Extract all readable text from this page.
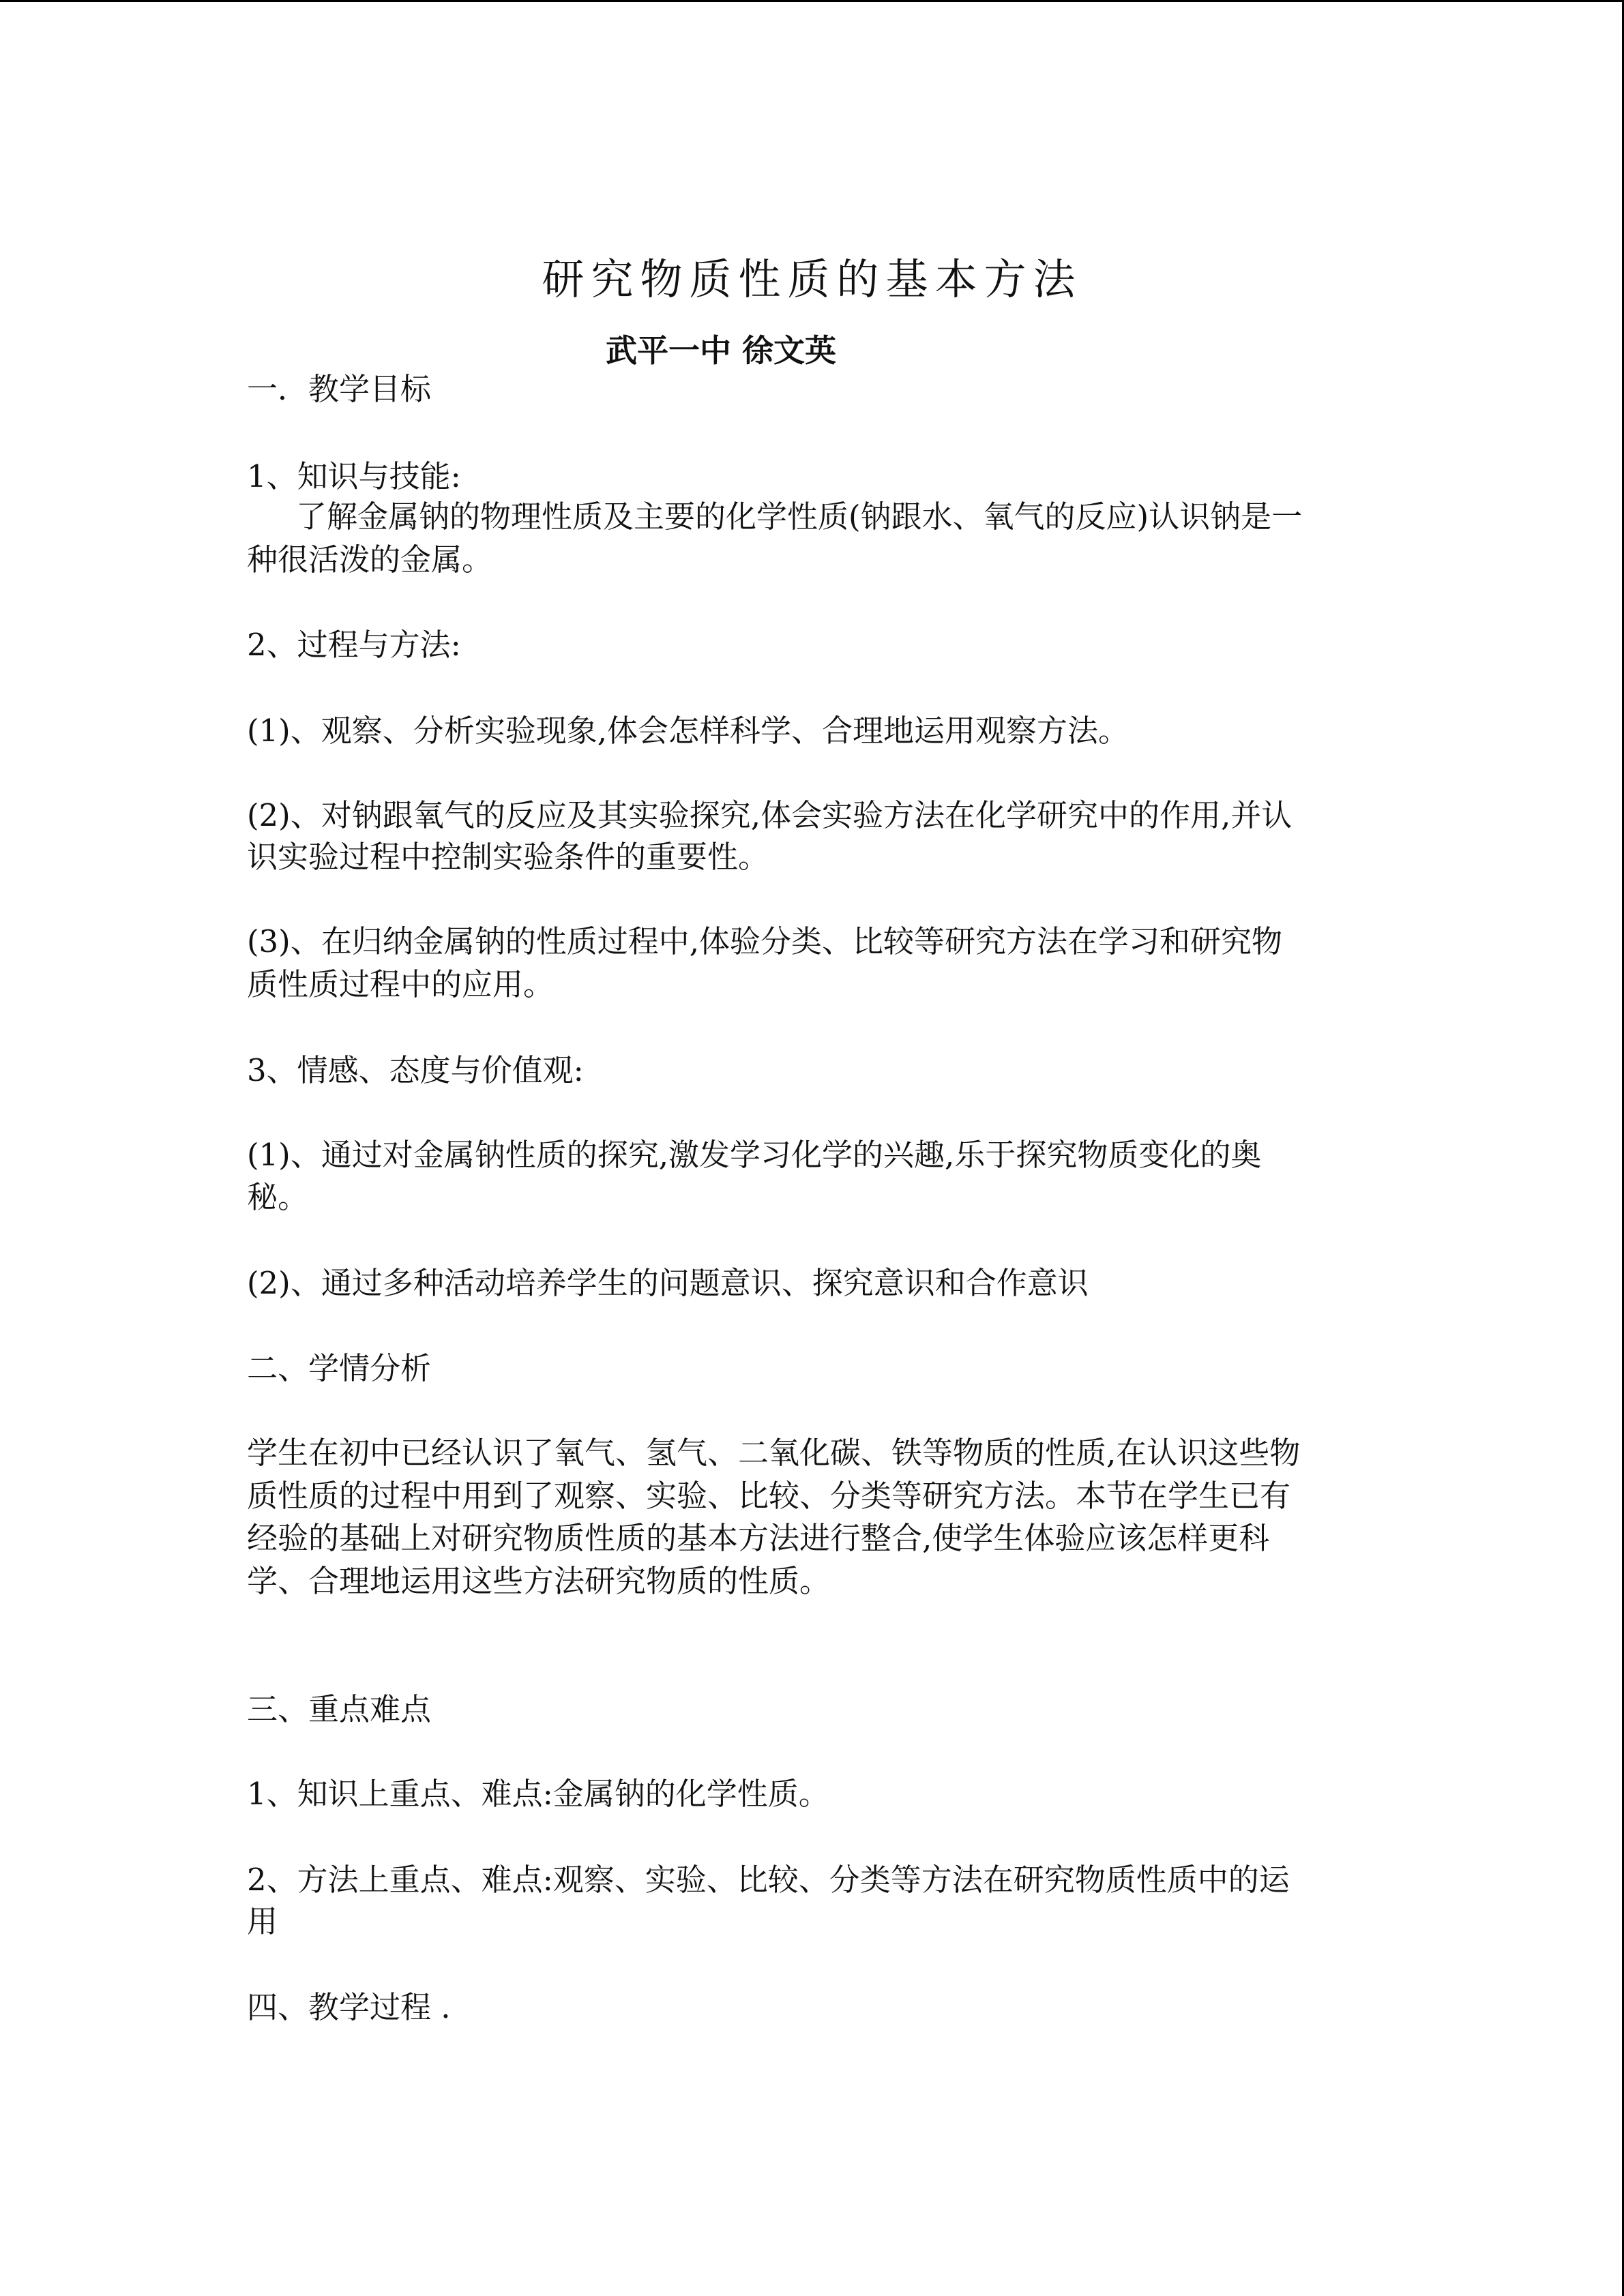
研究物质性质的基本方法
武平一中 徐文英
一．教学目标
1、知识与技能:
了解金属钠的物理性质及主要的化学性质(钠跟水、氧气的反应)认识钠是一
种很活泼的金属。
2、过程与方法:
(1)、观察、分析实验现象,体会怎样科学、合理地运用观察方法。
(2)、对钠跟氧气的反应及其实验探究,体会实验方法在化学研究中的作用,并认
识实验过程中控制实验条件的重要性。
(3)、在归纳金属钠的性质过程中,体验分类、比较等研究方法在学习和研究物
质性质过程中的应用。
3、情感、态度与价值观:
(1)、通过对金属钠性质的探究,激发学习化学的兴趣,乐于探究物质变化的奥
秘。
(2)、通过多种活动培养学生的问题意识、探究意识和合作意识
二、学情分析
学生在初中已经认识了氧气、氢气、二氧化碳、铁等物质的性质,在认识这些物
质性质的过程中用到了观察、实验、比较、分类等研究方法。本节在学生已有
经验的基础上对研究物质性质的基本方法进行整合,使学生体验应该怎样更科
学、合理地运用这些方法研究物质的性质。
三、重点难点
1、知识上重点、难点:金属钠的化学性质。
2、方法上重点、难点:观察、实验、比较、分类等方法在研究物质性质中的运
用
四、教学过程 .
